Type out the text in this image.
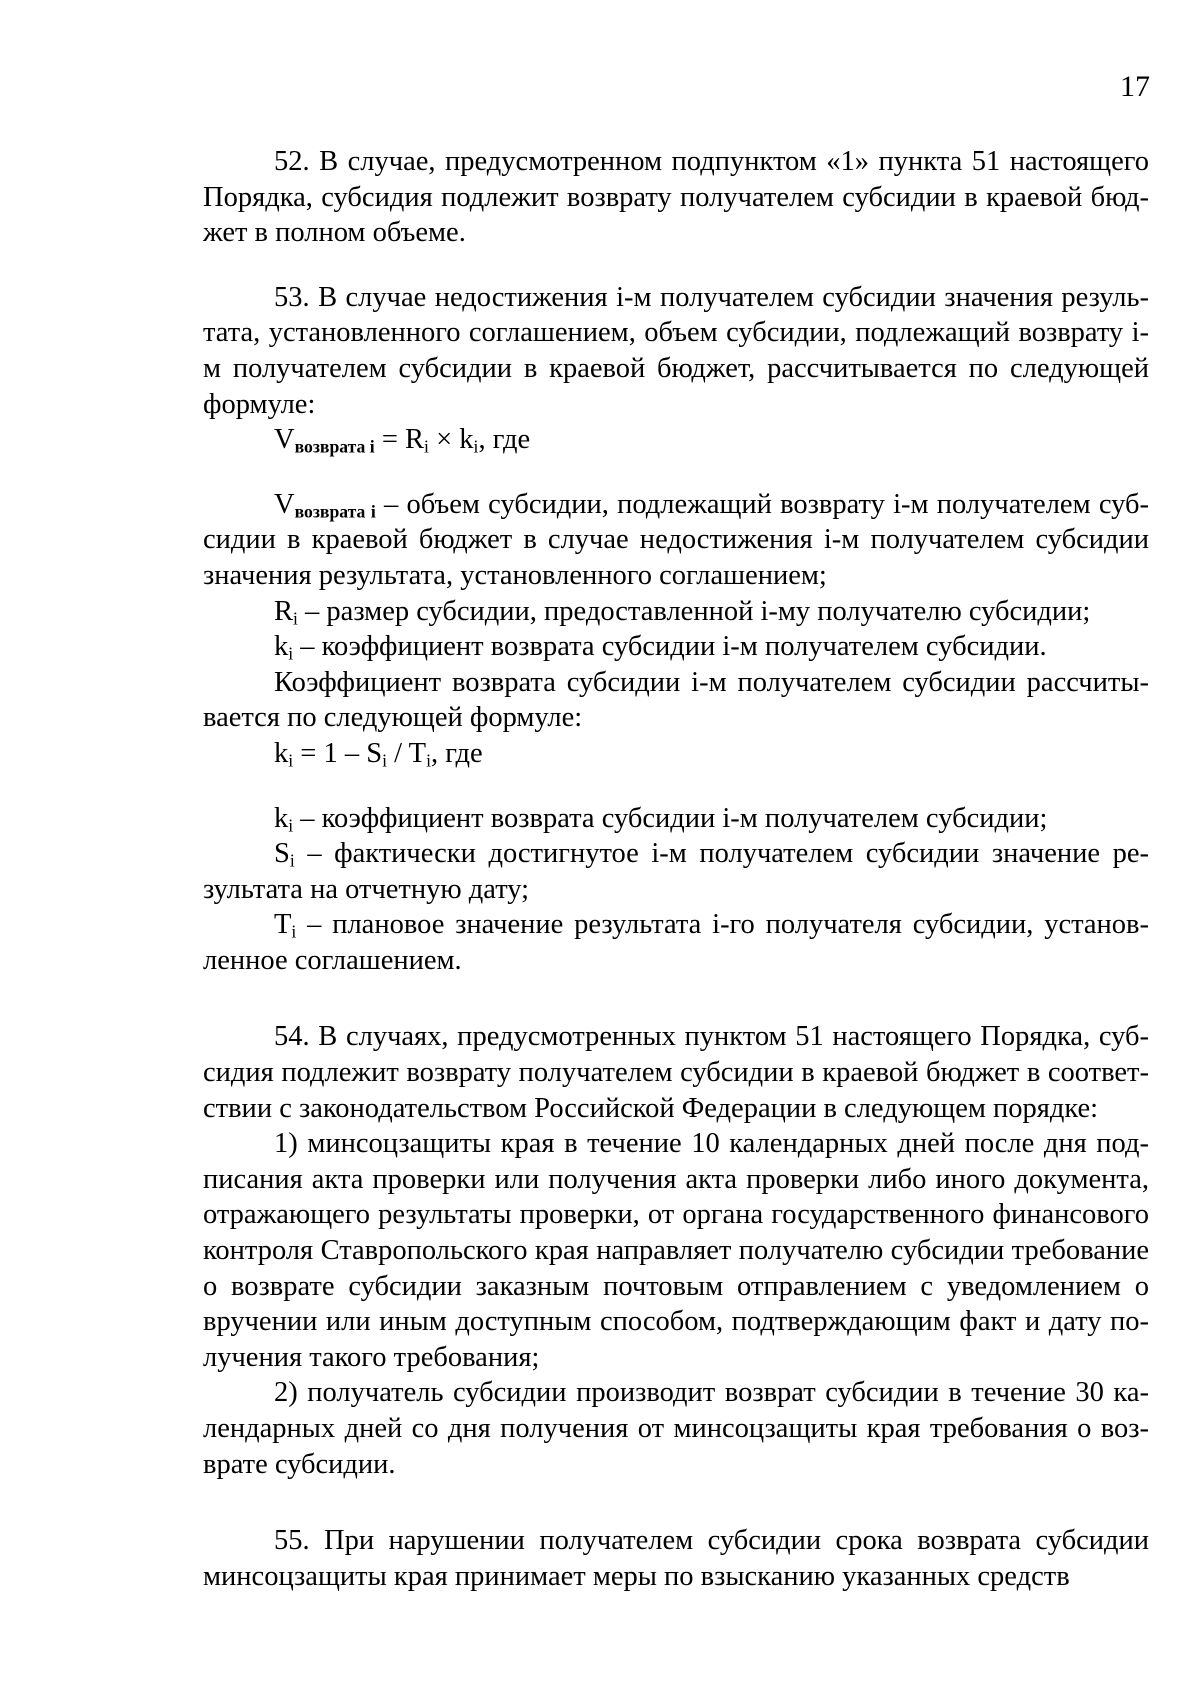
17

52. В случае, предусмотренном подпунктом «1» пункта 51 настоящего Порядка, субсидия подлежит возврату получателем субсидии в краевой бюджет в полном объеме.

53. В случае недостижения i-м получателем субсидии значения результата, установленного соглашением, объем субсидии, подлежащий возврату i-м получателем субсидии в краевой бюджет, рассчитывается по следующей формуле:

$V_{возврата i} = R_i \times k_i$, где

$V_{возврата i}$ – объем субсидии, подлежащий возврату i-м получателем субсидии в краевой бюджет в случае недостижения i-м получателем субсидии значения результата, установленного соглашением;

$R_i$ – размер субсидии, предоставленной i-му получателю субсидии;

$k_i$ – коэффициент возврата субсидии i-м получателем субсидии.

Коэффициент возврата субсидии i-м получателем субсидии рассчитывается по следующей формуле:

$k_i = 1 - S_i / T_i$, где

$k_i$ – коэффициент возврата субсидии i-м получателем субсидии;

$S_i$ – фактически достигнутое i-м получателем субсидии значение результата на отчетную дату;

$T_i$ – плановое значение результата i-го получателя субсидии, установленное соглашением.

54. В случаях, предусмотренных пунктом 51 настоящего Порядка, субсидия подлежит возврату получателем субсидии в краевой бюджет в соответствии с законодательством Российской Федерации в следующем порядке:

1) минсоцзащиты края в течение 10 календарных дней после дня подписания акта проверки или получения акта проверки либо иного документа, отражающего результаты проверки, от органа государственного финансового контроля Ставропольского края направляет получателю субсидии требование о возврате субсидии заказным почтовым отправлением с уведомлением о вручении или иным доступным способом, подтверждающим факт и дату получения такого требования;

2) получатель субсидии производит возврат субсидии в течение 30 календарных дней со дня получения от минсоцзащиты края требования о возврате субсидии.

55. При нарушении получателем субсидии срока возврата субсидии минсоцзащиты края принимает меры по взысканию указанных средств
